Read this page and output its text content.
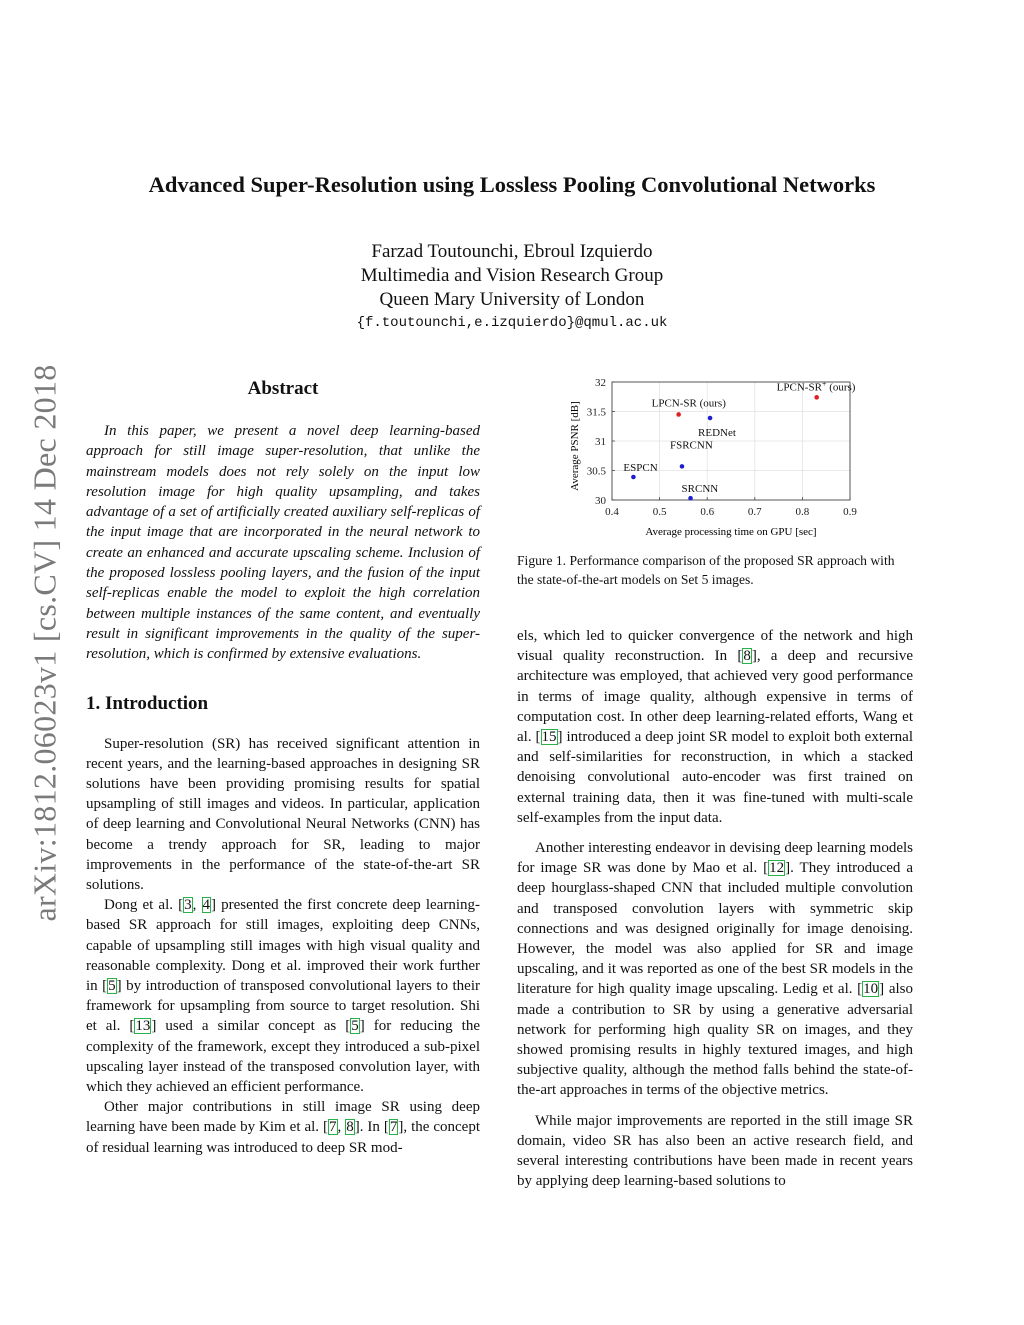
arXiv:1812.06023v1 [cs.CV] 14 Dec 2018
Advanced Super-Resolution using Lossless Pooling Convolutional Networks
Farzad Toutounchi, Ebroul Izquierdo
Multimedia and Vision Research Group
Queen Mary University of London
{f.toutounchi,e.izquierdo}@qmul.ac.uk
Abstract

In this paper, we present a novel deep learning-based approach for still image super-resolution, that unlike the mainstream models does not rely solely on the input low resolution image for high quality upsampling, and takes advantage of a set of artificially created auxiliary self-replicas of the input image that are incorporated in the neural network to create an enhanced and accurate upscaling scheme. Inclusion of the proposed lossless pooling layers, and the fusion of the input self-replicas enable the model to exploit the high correlation between multiple instances of the same content, and eventually result in significant improvements in the quality of the super-resolution, which is confirmed by extensive evaluations.

1. Introduction

Super-resolution (SR) has received significant attention in recent years, and the learning-based approaches in designing SR solutions have been providing promising results for spatial upsampling of still images and videos. In particular, application of deep learning and Convolutional Neural Networks (CNN) has become a trendy approach for SR, leading to major improvements in the performance of the state-of-the-art SR solutions.

Dong et al. [3, 4] presented the first concrete deep learning-based SR approach for still images, exploiting deep CNNs, capable of upsampling still images with high visual quality and reasonable complexity. Dong et al. improved their work further in [5] by introduction of transposed convolutional layers to their framework for upsampling from source to target resolution. Shi et al. [13] used a similar concept as [5] for reducing the complexity of the framework, except they introduced a sub-pixel upscaling layer instead of the transposed convolution layer, with which they achieved an efficient performance.

Other major contributions in still image SR using deep learning have been made by Kim et al. [7, 8]. In [7], the concept of residual learning was introduced to deep SR mod-

0.4	0.5	0.6	0.7	0.8	0.9
30
30.5
31
31.5
32
ESPCN
SRCNN
FSRCNN
REDNet
LPCN-SR (ours)
LPCN-SR+ (ours)
Average processing time on GPU [sec]
Average PSNR [dB]
Figure 1. Performance comparison of the proposed SR approach with the state-of-the-art models on Set 5 images.

els, which led to quicker convergence of the network and high visual quality reconstruction. In [8], a deep and recursive architecture was employed, that achieved very good performance in terms of image quality, although expensive in terms of computation cost. In other deep learning-related efforts, Wang et al. [15] introduced a deep joint SR model to exploit both external and self-similarities for reconstruction, in which a stacked denoising convolutional auto-encoder was first trained on external training data, then it was fine-tuned with multi-scale self-examples from the input data.

Another interesting endeavor in devising deep learning models for image SR was done by Mao et al. [12]. They introduced a deep hourglass-shaped CNN that included multiple convolution and transposed convolution layers with symmetric skip connections and was designed originally for image denoising. However, the model was also applied for SR and image upscaling, and it was reported as one of the best SR models in the literature for high quality image upscaling. Ledig et al. [10] also made a contribution to SR by using a generative adversarial network for performing high quality SR on images, and they showed promising results in highly textured images, and high subjective quality, although the method falls behind the state-of-the-art approaches in terms of the objective metrics.

While major improvements are reported in the still image SR domain, video SR has also been an active research field, and several interesting contributions have been made in recent years by applying deep learning-based solutions to
